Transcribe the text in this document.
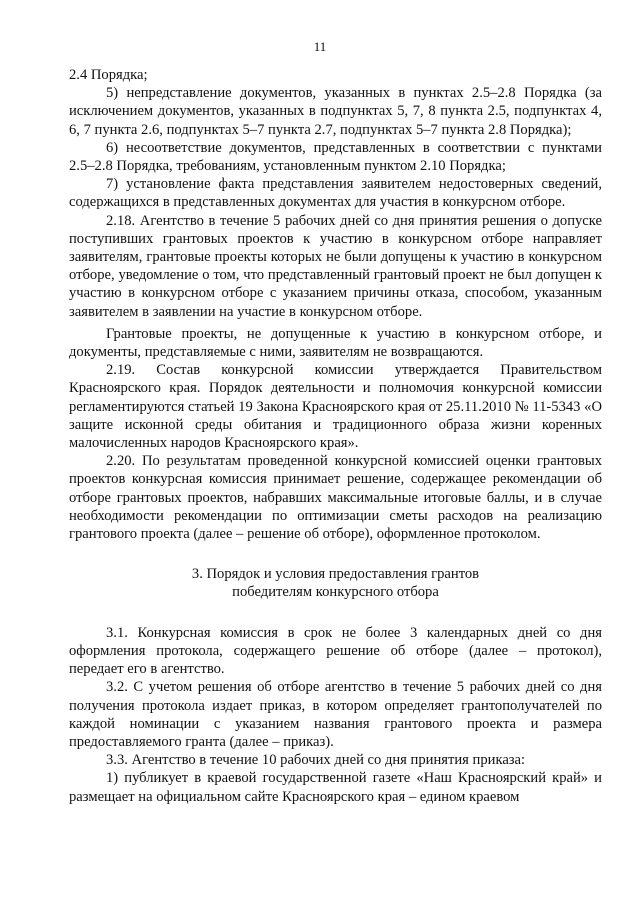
11

2.4 Порядка;

5) непредставление документов, указанных в пунктах 2.5–2.8 Порядка (за исключением документов, указанных в подпунктах 5, 7, 8 пункта 2.5, подпунктах 4, 6, 7 пункта 2.6, подпунктах 5–7 пункта 2.7, подпунктах 5–7 пункта 2.8 Порядка);

6) несоответствие документов, представленных в соответствии с пунктами 2.5–2.8 Порядка, требованиям, установленным пунктом 2.10 Порядка;

7) установление факта представления заявителем недостоверных сведений, содержащихся в представленных документах для участия в конкурсном отборе.

2.18. Агентство в течение 5 рабочих дней со дня принятия решения о допуске поступивших грантовых проектов к участию в конкурсном отборе направляет заявителям, грантовые проекты которых не были допущены к участию в конкурсном отборе, уведомление о том, что представленный грантовый проект не был допущен к участию в конкурсном отборе с указанием причины отказа, способом, указанным заявителем в заявлении на участие в конкурсном отборе.

Грантовые проекты, не допущенные к участию в конкурсном отборе, и документы, представляемые с ними, заявителям не возвращаются.

2.19. Состав конкурсной комиссии утверждается Правительством Красноярского края. Порядок деятельности и полномочия конкурсной комиссии регламентируются статьей 19 Закона Красноярского края от 25.11.2010 № 11-5343 «О защите исконной среды обитания и традиционного образа жизни коренных малочисленных народов Красноярского края».

2.20. По результатам проведенной конкурсной комиссией оценки грантовых проектов конкурсная комиссия принимает решение, содержащее рекомендации об отборе грантовых проектов, набравших максимальные итоговые баллы, и в случае необходимости рекомендации по оптимизации сметы расходов на реализацию грантового проекта (далее – решение об отборе), оформленное протоколом.

3. Порядок и условия предоставления грантов

победителям конкурсного отбора

3.1. Конкурсная комиссия в срок не более 3 календарных дней со дня оформления протокола, содержащего решение об отборе (далее – протокол), передает его в агентство.

3.2. С учетом решения об отборе агентство в течение 5 рабочих дней со дня получения протокола издает приказ, в котором определяет грантополучателей по каждой номинации с указанием названия грантового проекта и размера предоставляемого гранта (далее – приказ).

3.3. Агентство в течение 10 рабочих дней со дня принятия приказа:

1) публикует в краевой государственной газете «Наш Красноярский край» и размещает на официальном сайте Красноярского края – едином краевом
